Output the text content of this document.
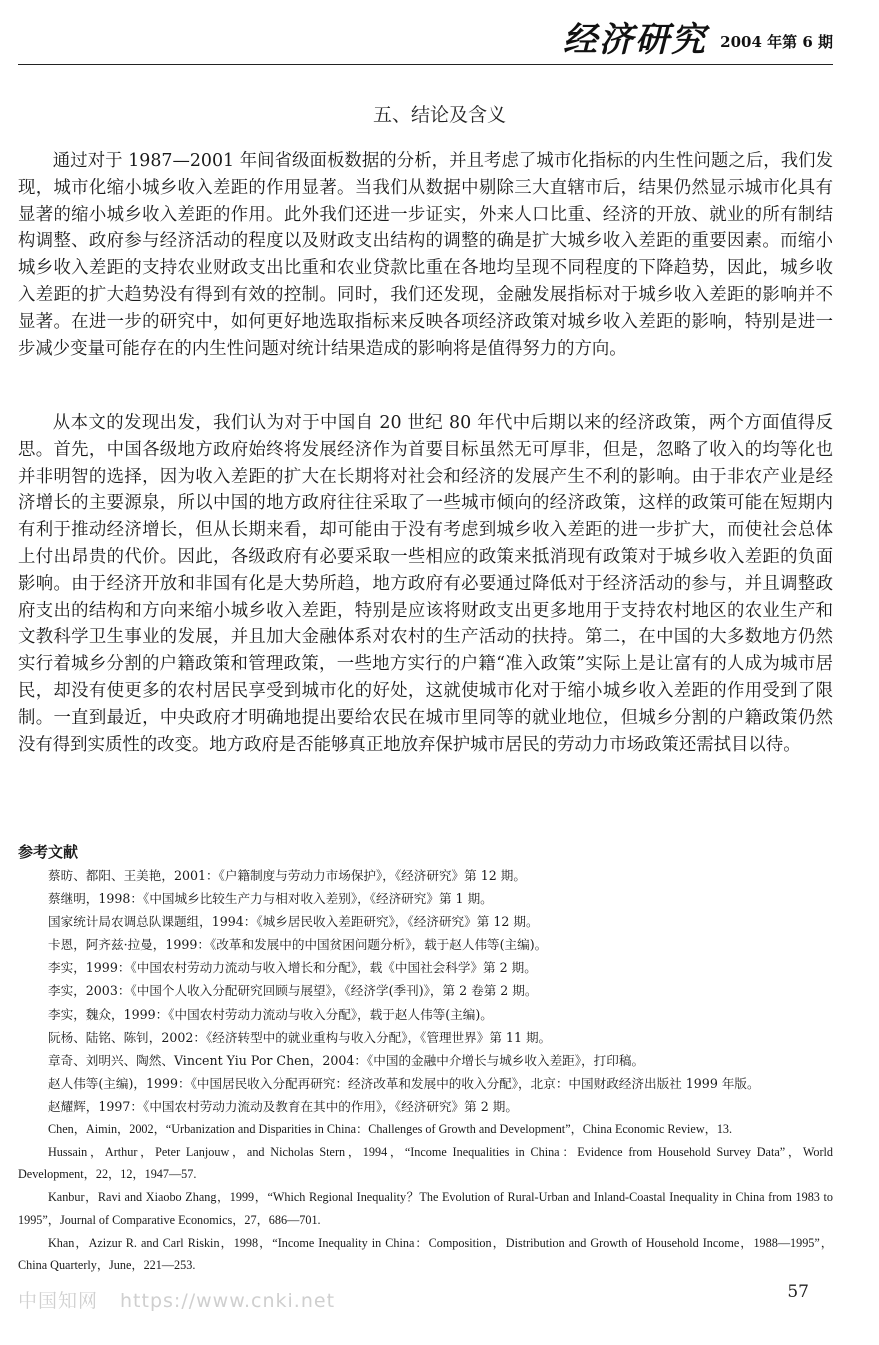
经济研究 2004 年第 6 期
五、结论及含义

通过对于 1987—2001 年间省级面板数据的分析，并且考虑了城市化指标的内生性问题之后，我们发现，城市化缩小城乡收入差距的作用显著。当我们从数据中剔除三大直辖市后，结果仍然显示城市化具有显著的缩小城乡收入差距的作用。此外我们还进一步证实，外来人口比重、经济的开放、就业的所有制结构调整、政府参与经济活动的程度以及财政支出结构的调整的确是扩大城乡收入差距的重要因素。而缩小城乡收入差距的支持农业财政支出比重和农业贷款比重在各地均呈现不同程度的下降趋势，因此，城乡收入差距的扩大趋势没有得到有效的控制。同时，我们还发现，金融发展指标对于城乡收入差距的影响并不显著。在进一步的研究中，如何更好地选取指标来反映各项经济政策对城乡收入差距的影响，特别是进一步减少变量可能存在的内生性问题对统计结果造成的影响将是值得努力的方向。

从本文的发现出发，我们认为对于中国自 20 世纪 80 年代中后期以来的经济政策，两个方面值得反思。首先，中国各级地方政府始终将发展经济作为首要目标虽然无可厚非，但是，忽略了收入的均等化也并非明智的选择，因为收入差距的扩大在长期将对社会和经济的发展产生不利的影响。由于非农产业是经济增长的主要源泉，所以中国的地方政府往往采取了一些城市倾向的经济政策，这样的政策可能在短期内有利于推动经济增长，但从长期来看，却可能由于没有考虑到城乡收入差距的进一步扩大，而使社会总体上付出昂贵的代价。因此，各级政府有必要采取一些相应的政策来抵消现有政策对于城乡收入差距的负面影响。由于经济开放和非国有化是大势所趋，地方政府有必要通过降低对于经济活动的参与，并且调整政府支出的结构和方向来缩小城乡收入差距，特别是应该将财政支出更多地用于支持农村地区的农业生产和文教科学卫生事业的发展，并且加大金融体系对农村的生产活动的扶持。第二，在中国的大多数地方仍然实行着城乡分割的户籍政策和管理政策，一些地方实行的户籍“准入政策”实际上是让富有的人成为城市居民，却没有使更多的农村居民享受到城市化的好处，这就使城市化对于缩小城乡收入差距的作用受到了限制。一直到最近，中央政府才明确地提出要给农民在城市里同等的就业地位，但城乡分割的户籍政策仍然没有得到实质性的改变。地方政府是否能够真正地放弃保护城市居民的劳动力市场政策还需拭目以待。

参考文献
蔡昉、都阳、王美艳，2001：《户籍制度与劳动力市场保护》，《经济研究》第 12 期。
蔡继明，1998：《中国城乡比较生产力与相对收入差别》，《经济研究》第 1 期。
国家统计局农调总队课题组，1994：《城乡居民收入差距研究》，《经济研究》第 12 期。
卡恩，阿齐兹·拉曼，1999：《改革和发展中的中国贫困问题分析》，载于赵人伟等(主编)。
李实，1999：《中国农村劳动力流动与收入增长和分配》，载《中国社会科学》第 2 期。
李实，2003：《中国个人收入分配研究回顾与展望》，《经济学(季刊)》，第 2 卷第 2 期。
李实，魏众，1999：《中国农村劳动力流动与收入分配》，载于赵人伟等(主编)。
阮杨、陆铭、陈钊，2002：《经济转型中的就业重构与收入分配》，《管理世界》第 11 期。
章奇、刘明兴、陶然、Vincent Yiu Por Chen，2004：《中国的金融中介增长与城乡收入差距》，打印稿。
赵人伟等(主编)，1999：《中国居民收入分配再研究：经济改革和发展中的收入分配》，北京：中国财政经济出版社 1999 年版。
赵耀辉，1997：《中国农村劳动力流动及教育在其中的作用》，《经济研究》第 2 期。
Chen，Aimin，2002，“Urbanization and Disparities in China：Challenges of Growth and Development”，China Economic Review，13.
Hussain，Arthur，Peter Lanjouw，and Nicholas Stern，1994，“Income Inequalities in China：Evidence from Household Survey Data”，World Development，22，12，1947—57.
Kanbur，Ravi and Xiaobo Zhang，1999，“Which Regional Inequality？The Evolution of Rural-Urban and Inland-Coastal Inequality in China from 1983 to 1995”，Journal of Comparative Economics，27，686—701.
Khan，Azizur R. and Carl Riskin，1998，“Income Inequality in China：Composition，Distribution and Growth of Household Income，1988—1995”，China Quarterly，June，221—253.
57
中国知网 https://www.cnki.net
